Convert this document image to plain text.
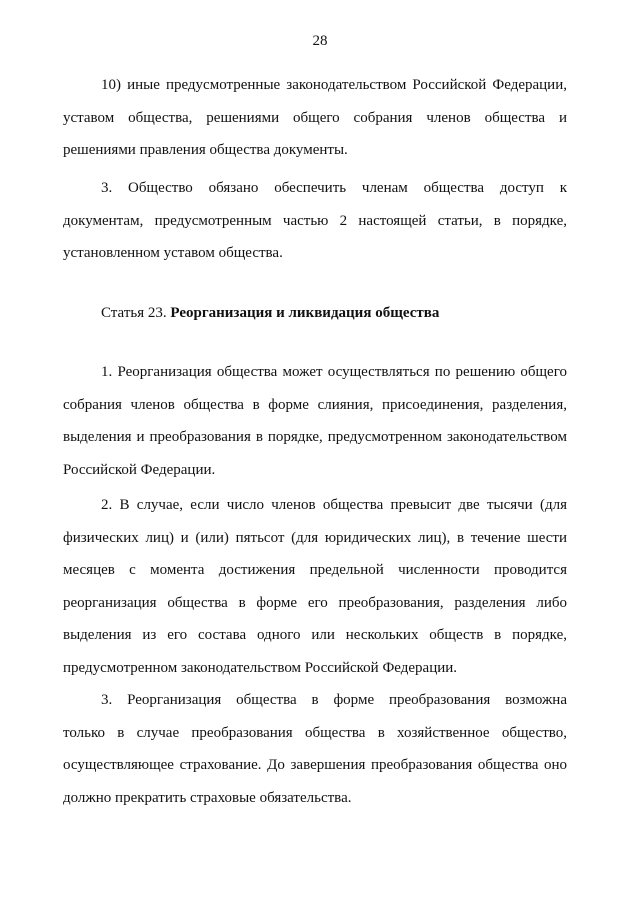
28
10) иные предусмотренные законодательством Российской Федерации,
уставом общества, решениями общего собрания членов общества и
решениями правления общества документы.
3. Общество обязано обеспечить членам общества доступ к
документам, предусмотренным частью 2 настоящей статьи, в порядке,
установленном уставом общества.
Статья 23. Реорганизация и ликвидация общества
1. Реорганизация общества может осуществляться по решению общего
собрания членов общества в форме слияния, присоединения, разделения,
выделения и преобразования в порядке, предусмотренном законодательством
Российской Федерации.
2. В случае, если число членов общества превысит две тысячи (для
физических лиц) и (или) пятьсот (для юридических лиц), в течение шести
месяцев с момента достижения предельной численности проводится
реорганизация общества в форме его преобразования, разделения либо
выделения из его состава одного или нескольких обществ в порядке,
предусмотренном законодательством Российской Федерации.
3. Реорганизация общества в форме преобразования возможна
только в случае преобразования общества в хозяйственное общество,
осуществляющее страхование. До завершения преобразования общества оно
должно прекратить страховые обязательства.
